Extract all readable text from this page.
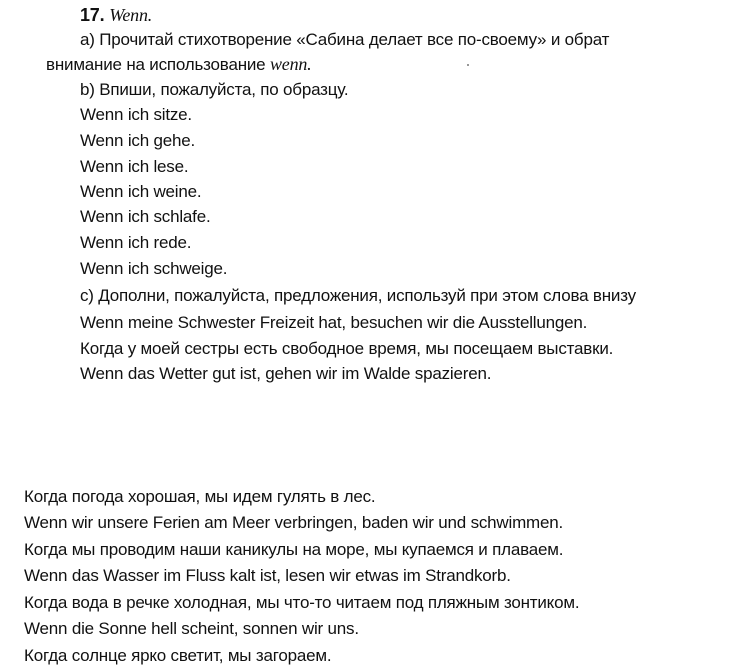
17. Wenn.
а) Прочитай стихотворение «Сабина делает все по-своему» и обрат
внимание на использование wenn.
b) Впиши, пожалуйста, по образцу.
Wenn ich sitze.
Wenn ich gehe.
Wenn ich lese.
Wenn ich weine.
Wenn ich schlafe.
Wenn ich rede.
Wenn ich schweige.
с) Дополни, пожалуйста, предложения, используй при этом слова внизу
Wenn meine Schwester Freizeit hat, besuchen wir die Ausstellungen.
Когда у моей сестры есть свободное время, мы посещаем выставки.
Wenn das Wetter gut ist, gehen wir im Walde spazieren.
Когда погода хорошая, мы идем гулять в лес.
Wenn wir unsere Ferien am Meer verbringen, baden wir und schwimmen.
Когда мы проводим наши каникулы на море, мы купаемся и плаваем.
Wenn das Wasser im Fluss kalt ist, lesen wir etwas im Strandkorb.
Когда вода в речке холодная, мы что-то читаем под пляжным зонтиком.
Wenn die Sonne hell scheint, sonnen wir uns.
Когда солнце ярко светит, мы загораем.
